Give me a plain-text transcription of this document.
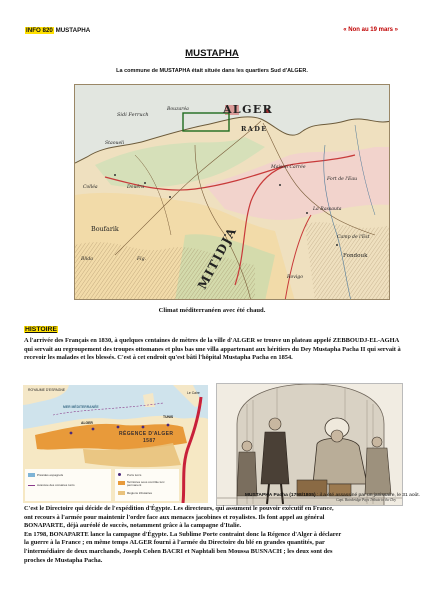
INFO 820 MUSTAPHA	« Non au 19 mars »
MUSTAPHA
La commune de MUSTAPHA était située dans les quartiers Sud d'ALGER.
ALGER
RADE
Sidi Ferruch
Bouzaréa
Staoueli
Douéra
Boufarik
Maison Carrée
Fort de l'Eau
La Rassauta
Camp de l'Est
Fondouk
Blida
Rovigo
Fig.
Colléa
MITIDJA
Climat méditerranéen avec été chaud.
HISTOIRE
A l'arrivée des Français en 1830, à quelques centaines de mètres de la ville d'ALGER se trouve un plateau appelé ZEBBOUDJ-EL-AGHA qui servait au regroupement des troupes ottomanes et plus bas une villa appartenant aux héritiers du Dey Mustapha Pacha II qui servait à recevoir les malades et les blessés. C'est à cet endroit qu'est bâti l'hôpital Mustapha Pacha en 1854.
ROYAUME D'ESPAGNE
MER MÉDITERRANÉE
RÉGENCE D'ALGER
1587
ALGER
TUNIS
Le Caire
Présides espagnols
Avancée des corsaires turcs
Ports turcs
Territoires sous contrôle turc permanent
Régions tributaires
Capt. Bainbridge Pays Tribute to the Dey
MUSTAPHA Pacha (1798/1805) : il a été assassiné par un janissaire, le 31 août.
C'est le Directoire qui décide de l'expédition d'Égypte. Les directeurs, qui assument le pouvoir exécutif en France,
ont recours à l'armée pour maintenir l'ordre face aux menaces jacobines et royalistes. Ils font appel au général
BONAPARTE, déjà auréolé de succès, notamment grâce à la campagne d'Italie.
En 1798, BONAPARTE lance la campagne d'Égypte. La Sublime Porte contraint donc la Régence d'Alger à déclarer
la guerre à la France ; en même temps ALGER fourni à l'armée du Directoire du blé en grandes quantités, par
l'intermédiaire de deux marchands, Joseph Cohen BACRI et Naphtali ben Moussa BUSNACH ; les deux sont des
proches de Mustapha Pacha.
